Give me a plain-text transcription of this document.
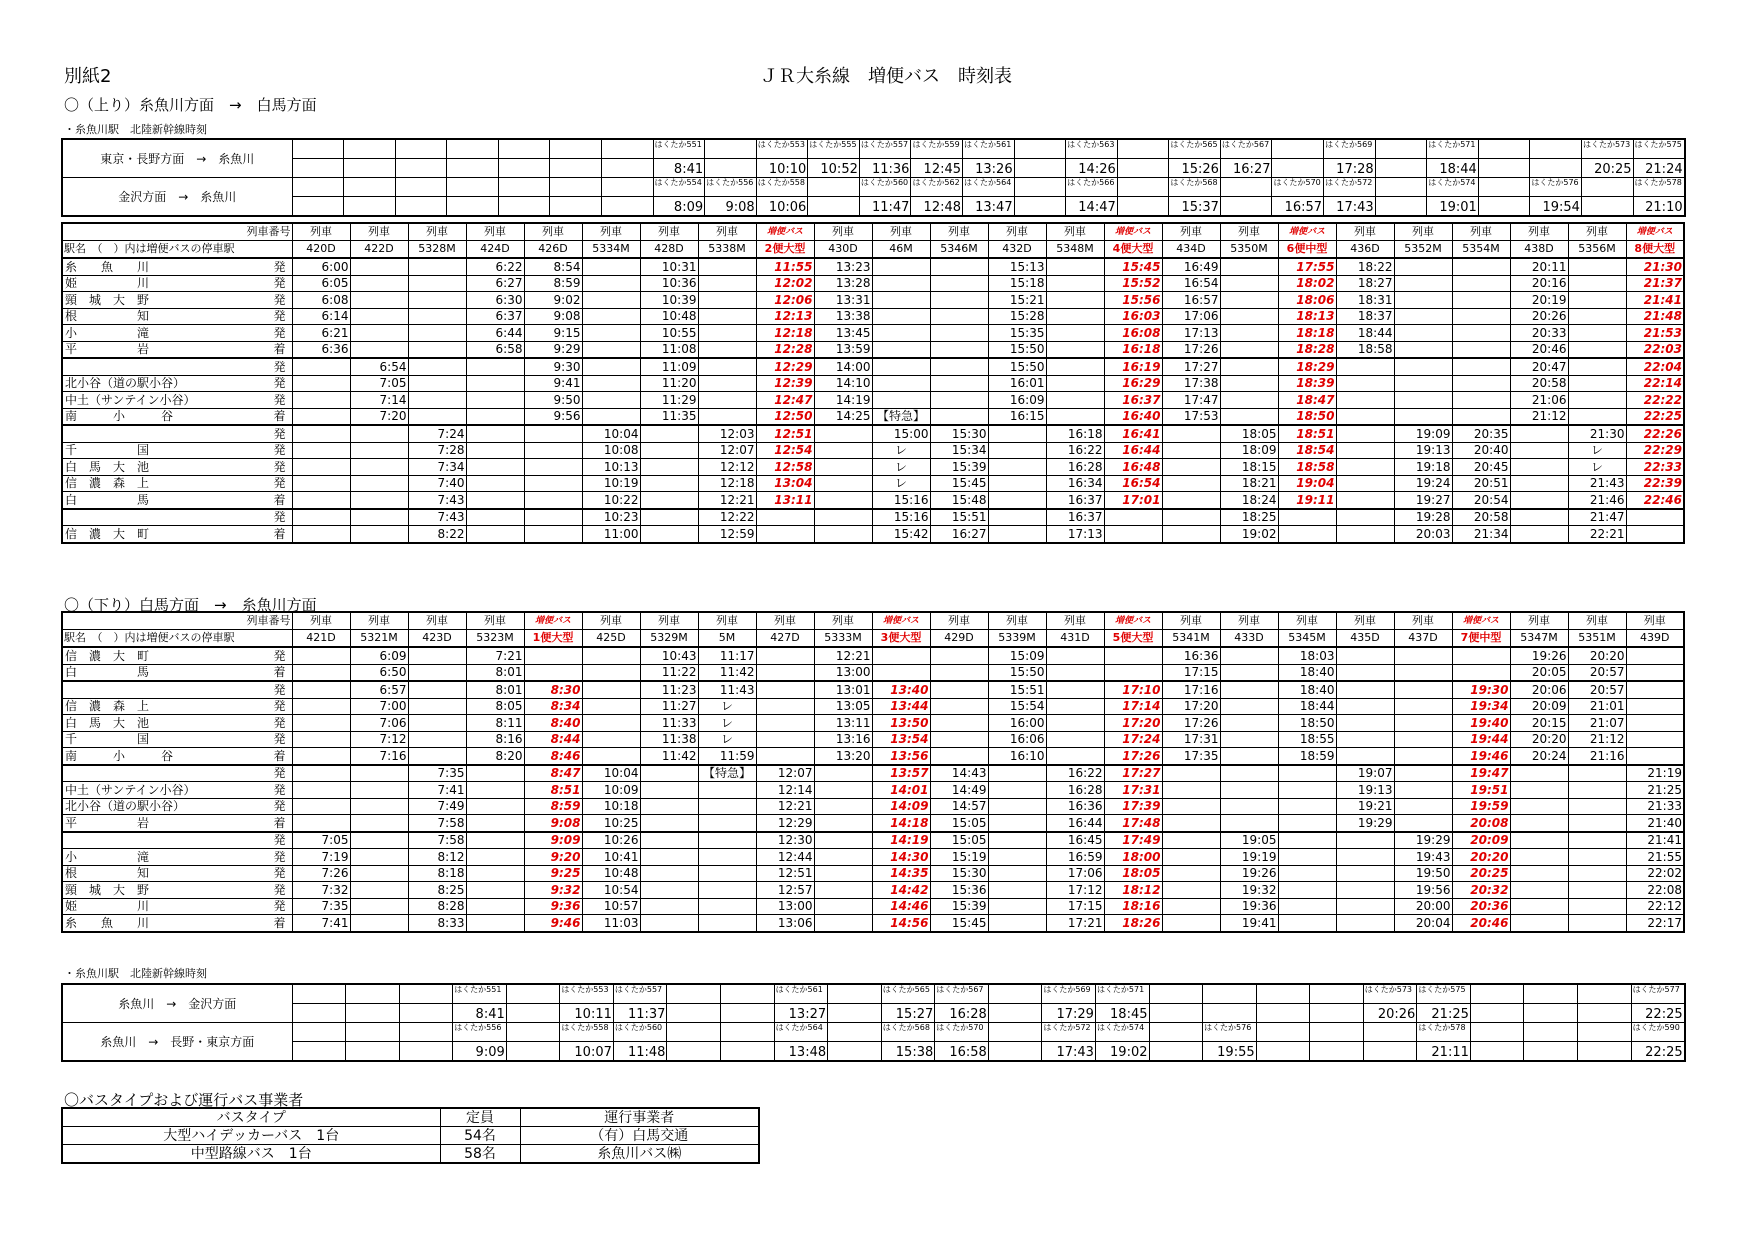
別紙2	ＪＲ大糸線　増便バス　時刻表
〇（上り）糸魚川方面　→　白馬方面
・糸魚川駅　北陸新幹線時刻
東京・長野方面　→　糸魚川								はくたか551		はくたか553	はくたか555	はくたか557	はくたか559	はくたか561		はくたか563		はくたか565	はくたか567		はくたか569		はくたか571			はくたか573	はくたか575
								8:41		10:10	10:52	11:36	12:45	13:26		14:26		15:26	16:27		17:28		18:44			20:25	21:24
金沢方面　→　糸魚川								はくたか554	はくたか556	はくたか558		はくたか560	はくたか562	はくたか564		はくたか566		はくたか568		はくたか570	はくたか572		はくたか574		はくたか576		はくたか578
								8:09	9:08	10:06		11:47	12:48	13:47		14:47		15:37		16:57	17:43		19:01		19:54		21:10
列車番号	列車	列車	列車	列車	列車	列車	列車	列車	増便バス	列車	列車	列車	列車	列車	増便バス	列車	列車	増便バス	列車	列車	列車	列車	列車	増便バス
駅名　（　）内は増便バスの停車駅	420D	422D	5328M	424D	426D	5334M	428D	5338M	2便大型	430D	46M	5346M	432D	5348M	4便大型	434D	5350M	6便中型	436D	5352M	5354M	438D	5356M	8便大型

糸　　魚　　川 発	6:00			6:22	8:54		10:31		11:55	13:23			15:13		15:45	16:49		17:55	18:22			20:11		21:30

姫　　　　　川 発	6:05			6:27	8:59		10:36		12:02	13:28			15:18		15:52	16:54		18:02	18:27			20:16		21:37

頸　城　大　野 発	6:08			6:30	9:02		10:39		12:06	13:31			15:21		15:56	16:57		18:06	18:31			20:19		21:41

根　　　　　知 発	6:14			6:37	9:08		10:48		12:13	13:38			15:28		16:03	17:06		18:13	18:37			20:26		21:48

小　　　　　滝 発	6:21			6:44	9:15		10:55		12:18	13:45			15:35		16:08	17:13		18:18	18:44			20:33		21:53

平　　　　　岩 着	6:36			6:58	9:29		11:08		12:28	13:59			15:50		16:18	17:26		18:28	18:58			20:46		22:03

発		6:54			9:30		11:09		12:29	14:00			15:50		16:19	17:27		18:29				20:47		22:04

北小谷（道の駅小谷） 発		7:05			9:41		11:20		12:39	14:10			16:01		16:29	17:38		18:39				20:58		22:14

中土（サンテイン小谷） 発		7:14			9:50		11:29		12:47	14:19			16:09		16:37	17:47		18:47				21:06		22:22

南　　　小　　　谷 着		7:20			9:56		11:35		12:50	14:25	【特急】		16:15		16:40	17:53		18:50				21:12		22:25

発			7:24			10:04		12:03	12:51		15:00	15:30		16:18	16:41		18:05	18:51		19:09	20:35		21:30	22:26

千　　　　　国 発			7:28			10:08		12:07	12:54		レ	15:34		16:22	16:44		18:09	18:54		19:13	20:40		レ	22:29

白　馬　大　池 発			7:34			10:13		12:12	12:58		レ	15:39		16:28	16:48		18:15	18:58		19:18	20:45		レ	22:33

信　濃　森　上 発			7:40			10:19		12:18	13:04		レ	15:45		16:34	16:54		18:21	19:04		19:24	20:51		21:43	22:39

白　　　　　馬 着			7:43			10:22		12:21	13:11		15:16	15:48		16:37	17:01		18:24	19:11		19:27	20:54		21:46	22:46

発			7:43			10:23		12:22			15:16	15:51		16:37			18:25			19:28	20:58		21:47	

信　濃　大　町 着			8:22			11:00		12:59			15:42	16:27		17:13			19:02			20:03	21:34		22:21	
〇（下り）白馬方面　→　糸魚川方面
列車番号	列車	列車	列車	列車	増便バス	列車	列車	列車	列車	列車	増便バス	列車	列車	列車	増便バス	列車	列車	列車	列車	列車	増便バス	列車	列車	列車
駅名　（　）内は増便バスの停車駅	421D	5321M	423D	5323M	1便大型	425D	5329M	5M	427D	5333M	3便大型	429D	5339M	431D	5便大型	5341M	433D	5345M	435D	437D	7便中型	5347M	5351M	439D

信　濃　大　町 発		6:09		7:21			10:43	11:17		12:21			15:09			16:36		18:03				19:26	20:20	

白　　　　　馬 着		6:50		8:01			11:22	11:42		13:00			15:50			17:15		18:40				20:05	20:57	

発		6:57		8:01	8:30		11:23	11:43		13:01	13:40		15:51		17:10	17:16		18:40			19:30	20:06	20:57	

信　濃　森　上 発		7:00		8:05	8:34		11:27	レ		13:05	13:44		15:54		17:14	17:20		18:44			19:34	20:09	21:01	

白　馬　大　池 発		7:06		8:11	8:40		11:33	レ		13:11	13:50		16:00		17:20	17:26		18:50			19:40	20:15	21:07	

千　　　　　国 発		7:12		8:16	8:44		11:38	レ		13:16	13:54		16:06		17:24	17:31		18:55			19:44	20:20	21:12	

南　　　小　　　谷 着		7:16		8:20	8:46		11:42	11:59		13:20	13:56		16:10		17:26	17:35		18:59			19:46	20:24	21:16	

発			7:35		8:47	10:04		【特急】	12:07		13:57	14:43		16:22	17:27				19:07		19:47			21:19

中土（サンテイン小谷） 発			7:41		8:51	10:09			12:14		14:01	14:49		16:28	17:31				19:13		19:51			21:25

北小谷（道の駅小谷） 発			7:49		8:59	10:18			12:21		14:09	14:57		16:36	17:39				19:21		19:59			21:33

平　　　　　岩 着			7:58		9:08	10:25			12:29		14:18	15:05		16:44	17:48				19:29		20:08			21:40

発	7:05		7:58		9:09	10:26			12:30		14:19	15:05		16:45	17:49		19:05			19:29	20:09			21:41

小　　　　　滝 発	7:19		8:12		9:20	10:41			12:44		14:30	15:19		16:59	18:00		19:19			19:43	20:20			21:55

根　　　　　知 発	7:26		8:18		9:25	10:48			12:51		14:35	15:30		17:06	18:05		19:26			19:50	20:25			22:02

頸　城　大　野 発	7:32		8:25		9:32	10:54			12:57		14:42	15:36		17:12	18:12		19:32			19:56	20:32			22:08

姫　　　　　川 発	7:35		8:28		9:36	10:57			13:00		14:46	15:39		17:15	18:16		19:36			20:00	20:36			22:12

糸　　魚　　川 着	7:41		8:33		9:46	11:03			13:06		14:56	15:45		17:21	18:26		19:41			20:04	20:46			22:17
・糸魚川駅　北陸新幹線時刻
糸魚川　→　金沢方面				はくたか551		はくたか553	はくたか557			はくたか561		はくたか565	はくたか567		はくたか569	はくたか571					はくたか573	はくたか575				はくたか577
				8:41		10:11	11:37			13:27		15:27	16:28		17:29	18:45					20:26	21:25				22:25
糸魚川　→　長野・東京方面				はくたか556		はくたか558	はくたか560			はくたか564		はくたか568	はくたか570		はくたか572	はくたか574		はくたか576				はくたか578				はくたか590
				9:09		10:07	11:48			13:48		15:38	16:58		17:43	19:02		19:55				21:11				22:25
〇バスタイプおよび運行バス事業者
バスタイプ	定員	運行事業者
大型ハイデッカーバス　1台	54名	（有）白馬交通
中型路線バス　1台	58名	糸魚川バス㈱
